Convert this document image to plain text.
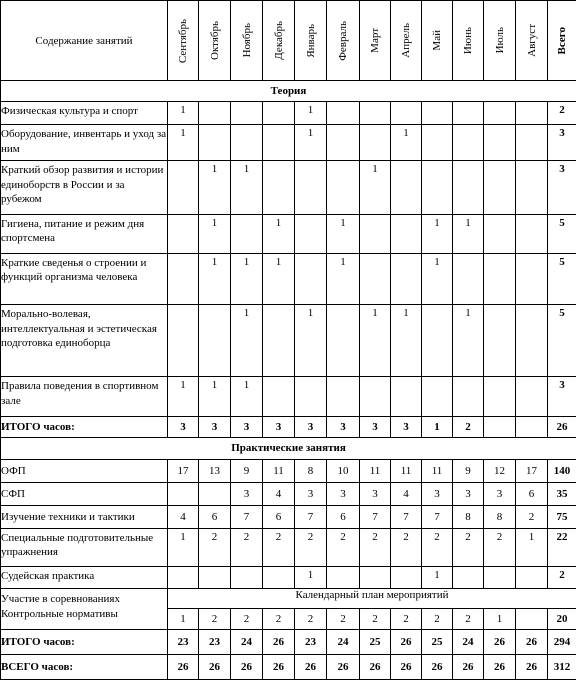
Содержание занятий	Сентябрь	Октябрь	Ноябрь	Декабрь	Январь	Февраль	Март	Апрель	Май	Июнь	Июль	Август	Всего

Теория													
Физическая культура и спорт	1				1								2
Оборудование, инвентарь и уход за ним	1				1			1					3
Краткий обзор развития и истории единоборств в России и за рубежом		1	1				1						3
Гигиена, питание и режим дня спортсмена		1		1		1			1	1			5
Краткие сведенья о строении и функций организма человека		1	1	1		1			1				5
Морально-волевая, интеллектуальная и эстетическая подготовка единоборца			1		1		1	1		1			5
Правила поведения в спортивном зале	1	1	1										3
ИТОГО часов:	3	3	3	3	3	3	3	3	1	2			26
Практические занятия													
ОФП	17	13	9	11	8	10	11	11	11	9	12	17	140
СФП			3	4	3	3	3	4	3	3	3	6	35
Изучение техники и тактики	4	6	7	6	7	6	7	7	7	8	8	2	75
Специальные подготовительные упражнения	1	2	2	2	2	2	2	2	2	2	2	1	22
Судейская практика					1				1				2
Участие в соревнованиях Контрольные нормативы	Календарный план мероприятий												
	1	2	2	2	2	2	2	2	2	2	1		20
ИТОГО часов:	23	23	24	26	23	24	25	26	25	24	26	26	294
ВСЕГО часов:	26	26	26	26	26	26	26	26	26	26	26	26	312
